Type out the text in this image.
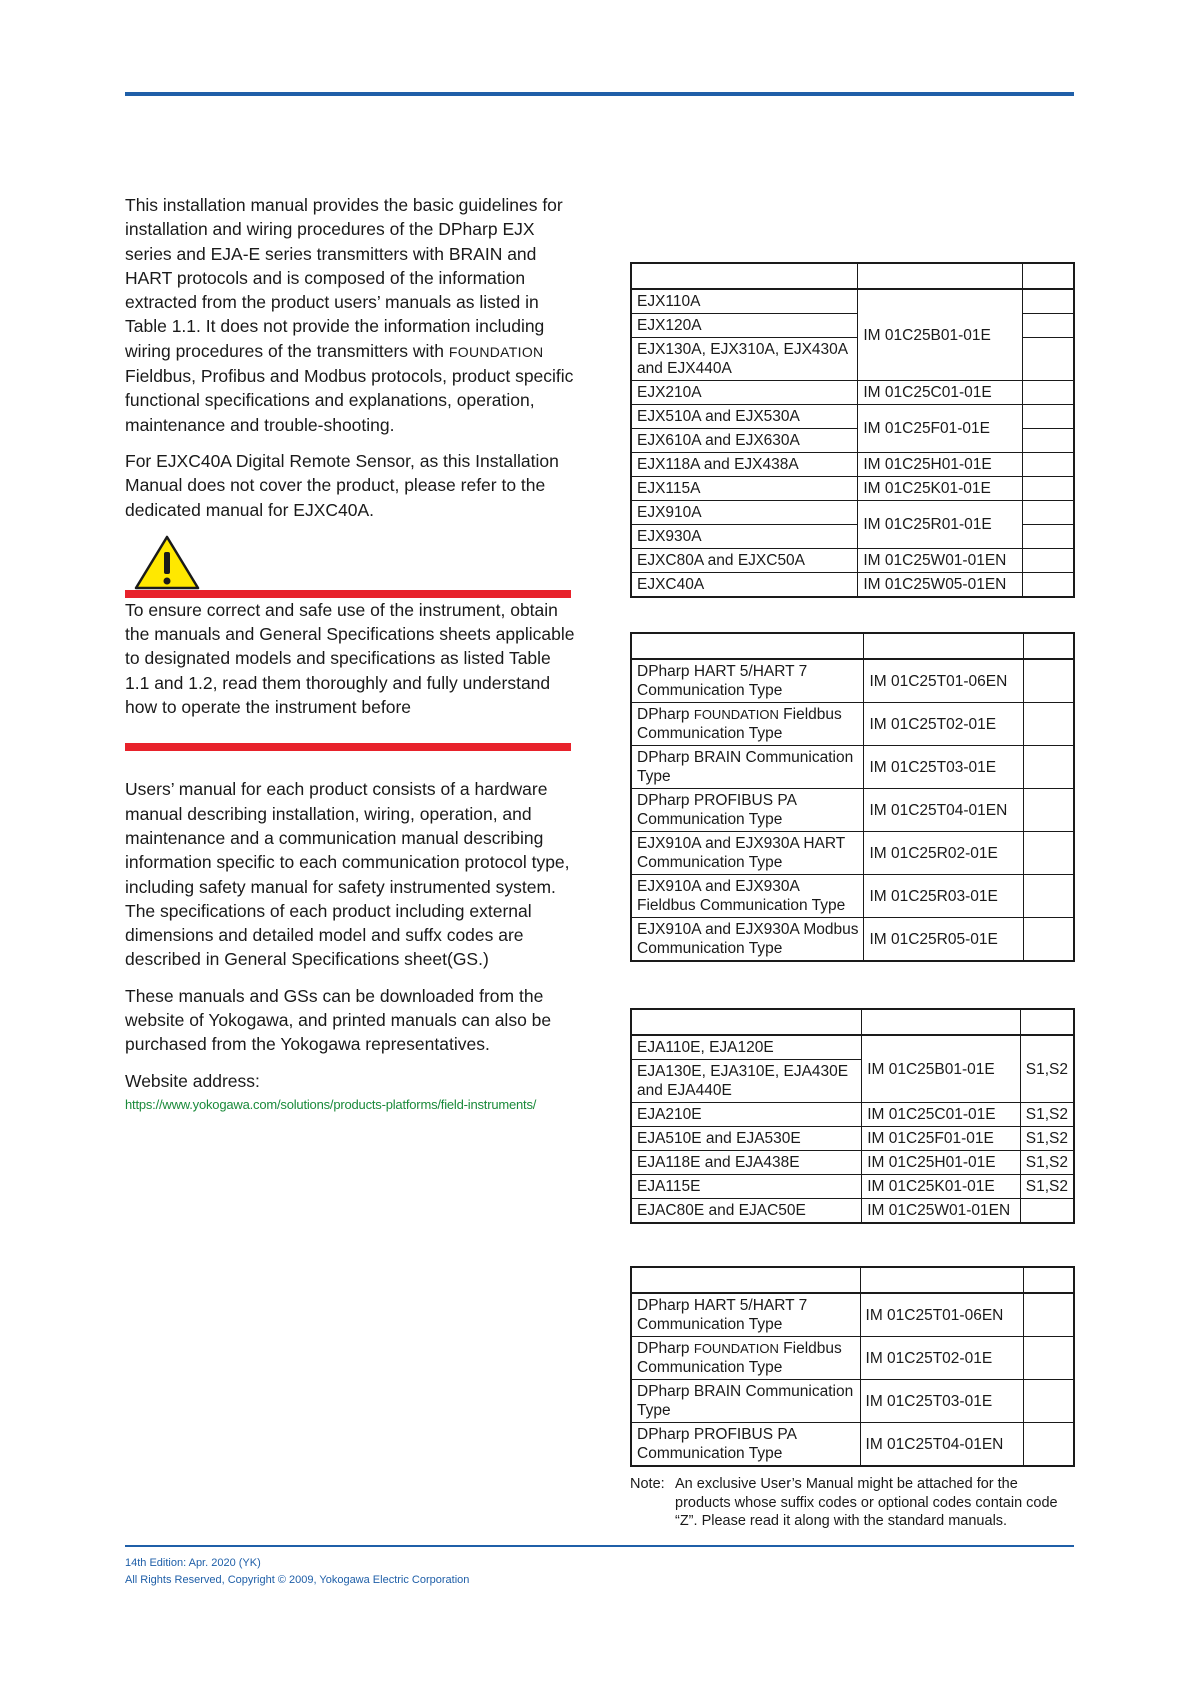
This installation manual provides the basic guidelines for installation and wiring procedures of the DPharp EJX series and EJA-E series transmitters with BRAIN and HART protocols and is composed of the information extracted from the product users’ manuals as listed in Table 1.1. It does not provide the information including wiring procedures of the transmitters with FOUNDATION Fieldbus, Profibus and Modbus protocols, product specific functional specifications and explanations, operation, maintenance and trouble-shooting.

For EJXC40A Digital Remote Sensor, as this Installation Manual does not cover the product, please refer to the dedicated manual for EJXC40A.

To ensure correct and safe use of the instrument, obtain the manuals and General Specifications sheets applicable to designated models and specifications as listed Table 1.1 and 1.2, read them thoroughly and fully understand how to operate the instrument before

Users’ manual for each product consists of a hardware manual describing installation, wiring, operation, and maintenance and a communication manual describing information specific to each communication protocol type, including safety manual for safety instrumented system. The specifications of each product including external dimensions and detailed model and suffx codes are described in General Specifications sheet(GS.)

These manuals and GSs can be downloaded from the website of Yokogawa, and printed manuals can also be purchased from the Yokogawa representatives.

Website address:

https://www.yokogawa.com/solutions/products-platforms/field-instruments/

EJX110A	IM 01C25B01-01E	
EJX120A		
EJX130A, EJX310A, EJX430A and EJX440A		
EJX210A	IM 01C25C01-01E	
EJX510A and EJX530A	IM 01C25F01-01E	
EJX610A and EJX630A		
EJX118A and EJX438A	IM 01C25H01-01E	
EJX115A	IM 01C25K01-01E	
EJX910A	IM 01C25R01-01E	
EJX930A		
EJXC80A and EJXC50A	IM 01C25W01-01EN	
EJXC40A	IM 01C25W05-01EN	

DPharp HART 5/HART 7 Communication Type	IM 01C25T01-06EN	
DPharp FOUNDATION Fieldbus Communication Type	IM 01C25T02-01E	
DPharp BRAIN Communication Type	IM 01C25T03-01E	
DPharp PROFIBUS PA Communication Type	IM 01C25T04-01EN	
EJX910A and EJX930A HART Communication Type	IM 01C25R02-01E	
EJX910A and EJX930A Fieldbus Communication Type	IM 01C25R03-01E	
EJX910A and EJX930A Modbus Communication Type	IM 01C25R05-01E	

EJA110E, EJA120E	IM 01C25B01-01E	S1,S2
EJA130E, EJA310E, EJA430E and EJA440E		
EJA210E	IM 01C25C01-01E	S1,S2
EJA510E and EJA530E	IM 01C25F01-01E	S1,S2
EJA118E and EJA438E	IM 01C25H01-01E	S1,S2
EJA115E	IM 01C25K01-01E	S1,S2
EJAC80E and EJAC50E	IM 01C25W01-01EN	

DPharp HART 5/HART 7 Communication Type	IM 01C25T01-06EN	
DPharp FOUNDATION Fieldbus Communication Type	IM 01C25T02-01E	
DPharp BRAIN Communication Type	IM 01C25T03-01E	
DPharp PROFIBUS PA Communication Type	IM 01C25T04-01EN	
Note: An exclusive User’s Manual might be attached for the products whose suffix codes or optional codes contain code “Z”. Please read it along with the standard manuals.
14th Edition: Apr. 2020 (YK)
All Rights Reserved, Copyright © 2009, Yokogawa Electric Corporation
